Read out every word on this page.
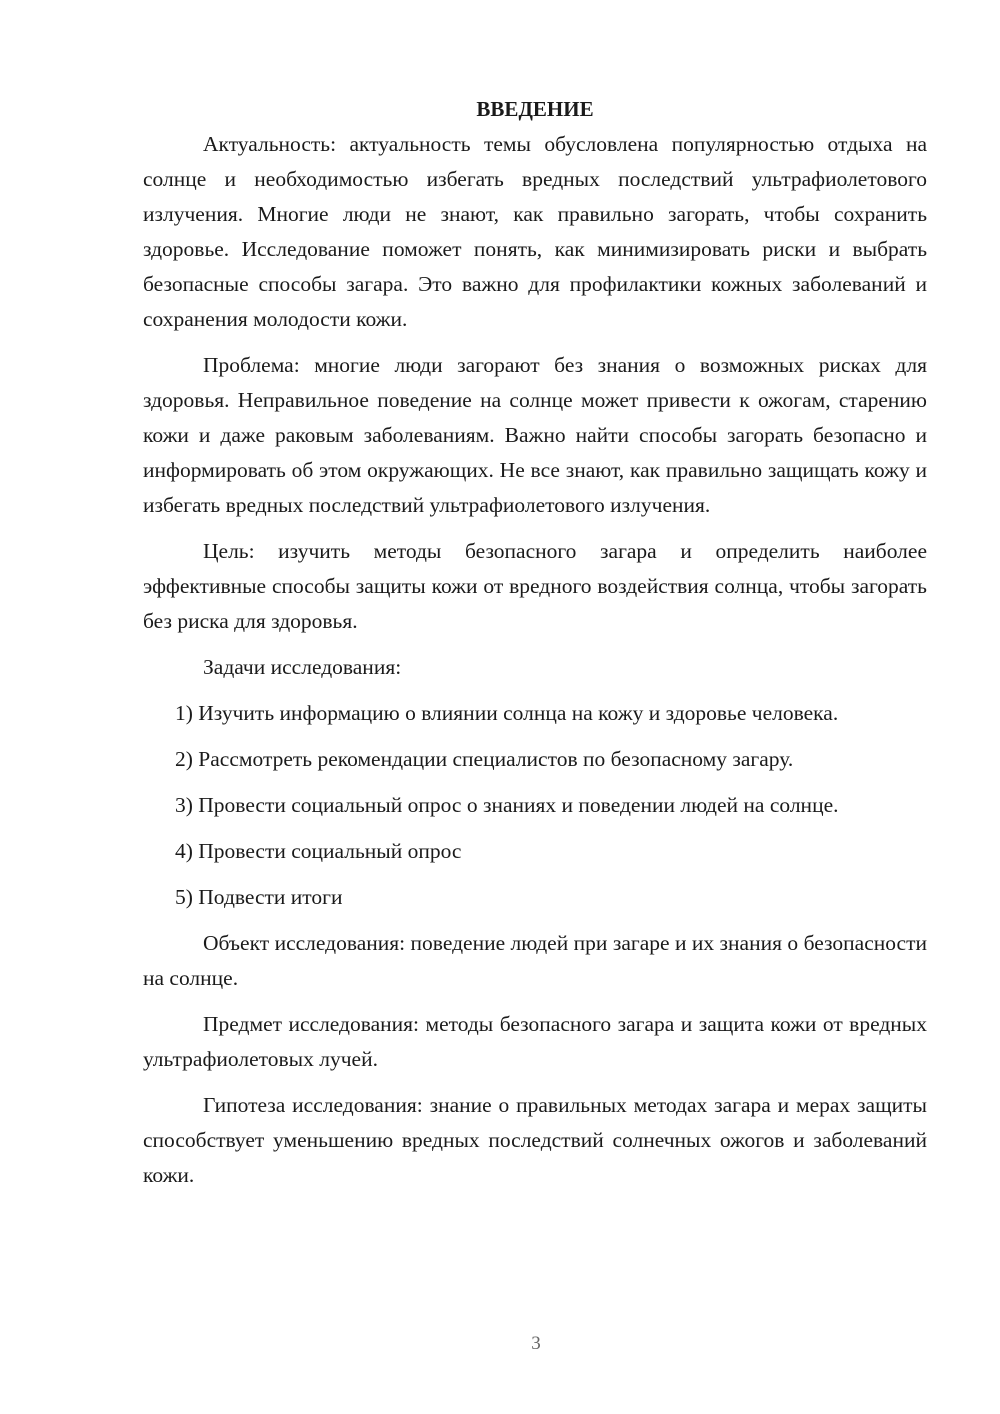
ВВЕДЕНИЕ

Актуальность: актуальность темы обусловлена популярностью отдыха на солнце и необходимостью избегать вредных последствий ультрафиолетового излучения. Многие люди не знают, как правильно загорать, чтобы сохранить здоровье. Исследование поможет понять, как минимизировать риски и выбрать безопасные способы загара. Это важно для профилактики кожных заболеваний и сохранения молодости кожи.

Проблема: многие люди загорают без знания о возможных рисках для здоровья. Неправильное поведение на солнце может привести к ожогам, старению кожи и даже раковым заболеваниям. Важно найти способы загорать безопасно и информировать об этом окружающих. Не все знают, как правильно защищать кожу и избегать вредных последствий ультрафиолетового излучения.

Цель: изучить методы безопасного загара и определить наиболее эффективные способы защиты кожи от вредного воздействия солнца, чтобы загорать без риска для здоровья.

Задачи исследования:

1) Изучить информацию о влиянии солнца на кожу и здоровье человека.

2) Рассмотреть рекомендации специалистов по безопасному загару.

3) Провести социальный опрос о знаниях и поведении людей на солнце.

4) Провести социальный опрос

5) Подвести итоги

Объект исследования: поведение людей при загаре и их знания о безопасности на солнце.

Предмет исследования: методы безопасного загара и защита кожи от вредных ультрафиолетовых лучей.

Гипотеза исследования: знание о правильных методах загара и мерах защиты способствует уменьшению вредных последствий солнечных ожогов и заболеваний кожи.

3
